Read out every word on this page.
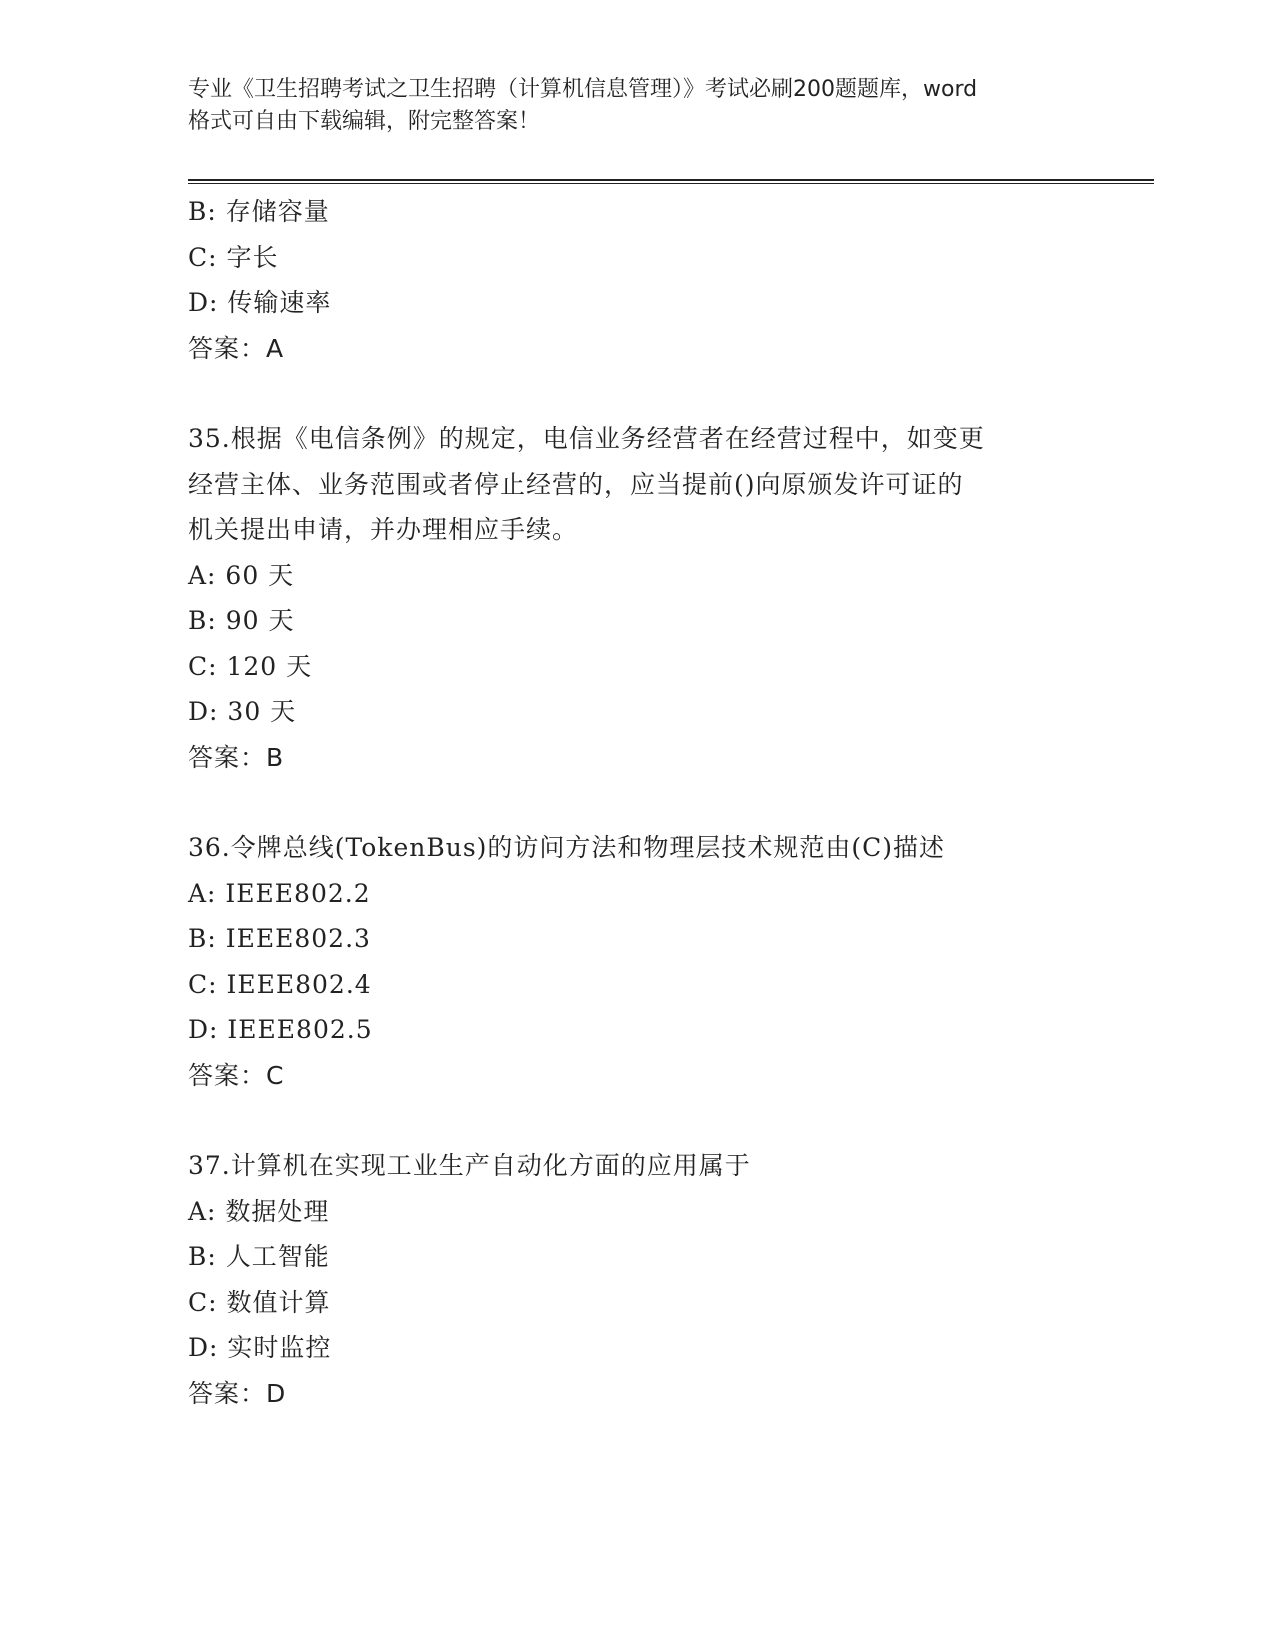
专业《卫生招聘考试之卫生招聘（计算机信息管理）》考试必刷200题题库，word
格式可自由下载编辑，附完整答案！
B: 存储容量
C: 字长
D: 传输速率
答案：A
35.根据《电信条例》的规定，电信业务经营者在经营过程中，如变更
经营主体、业务范围或者停止经营的，应当提前()向原颁发许可证的
机关提出申请，并办理相应手续。
A: 60 天
B: 90 天
C: 120 天
D: 30 天
答案：B
36.令牌总线(TokenBus)的访问方法和物理层技术规范由(C)描述
A: IEEE802.2
B: IEEE802.3
C: IEEE802.4
D: IEEE802.5
答案：C
37.计算机在实现工业生产自动化方面的应用属于
A: 数据处理
B: 人工智能
C: 数值计算
D: 实时监控
答案：D
